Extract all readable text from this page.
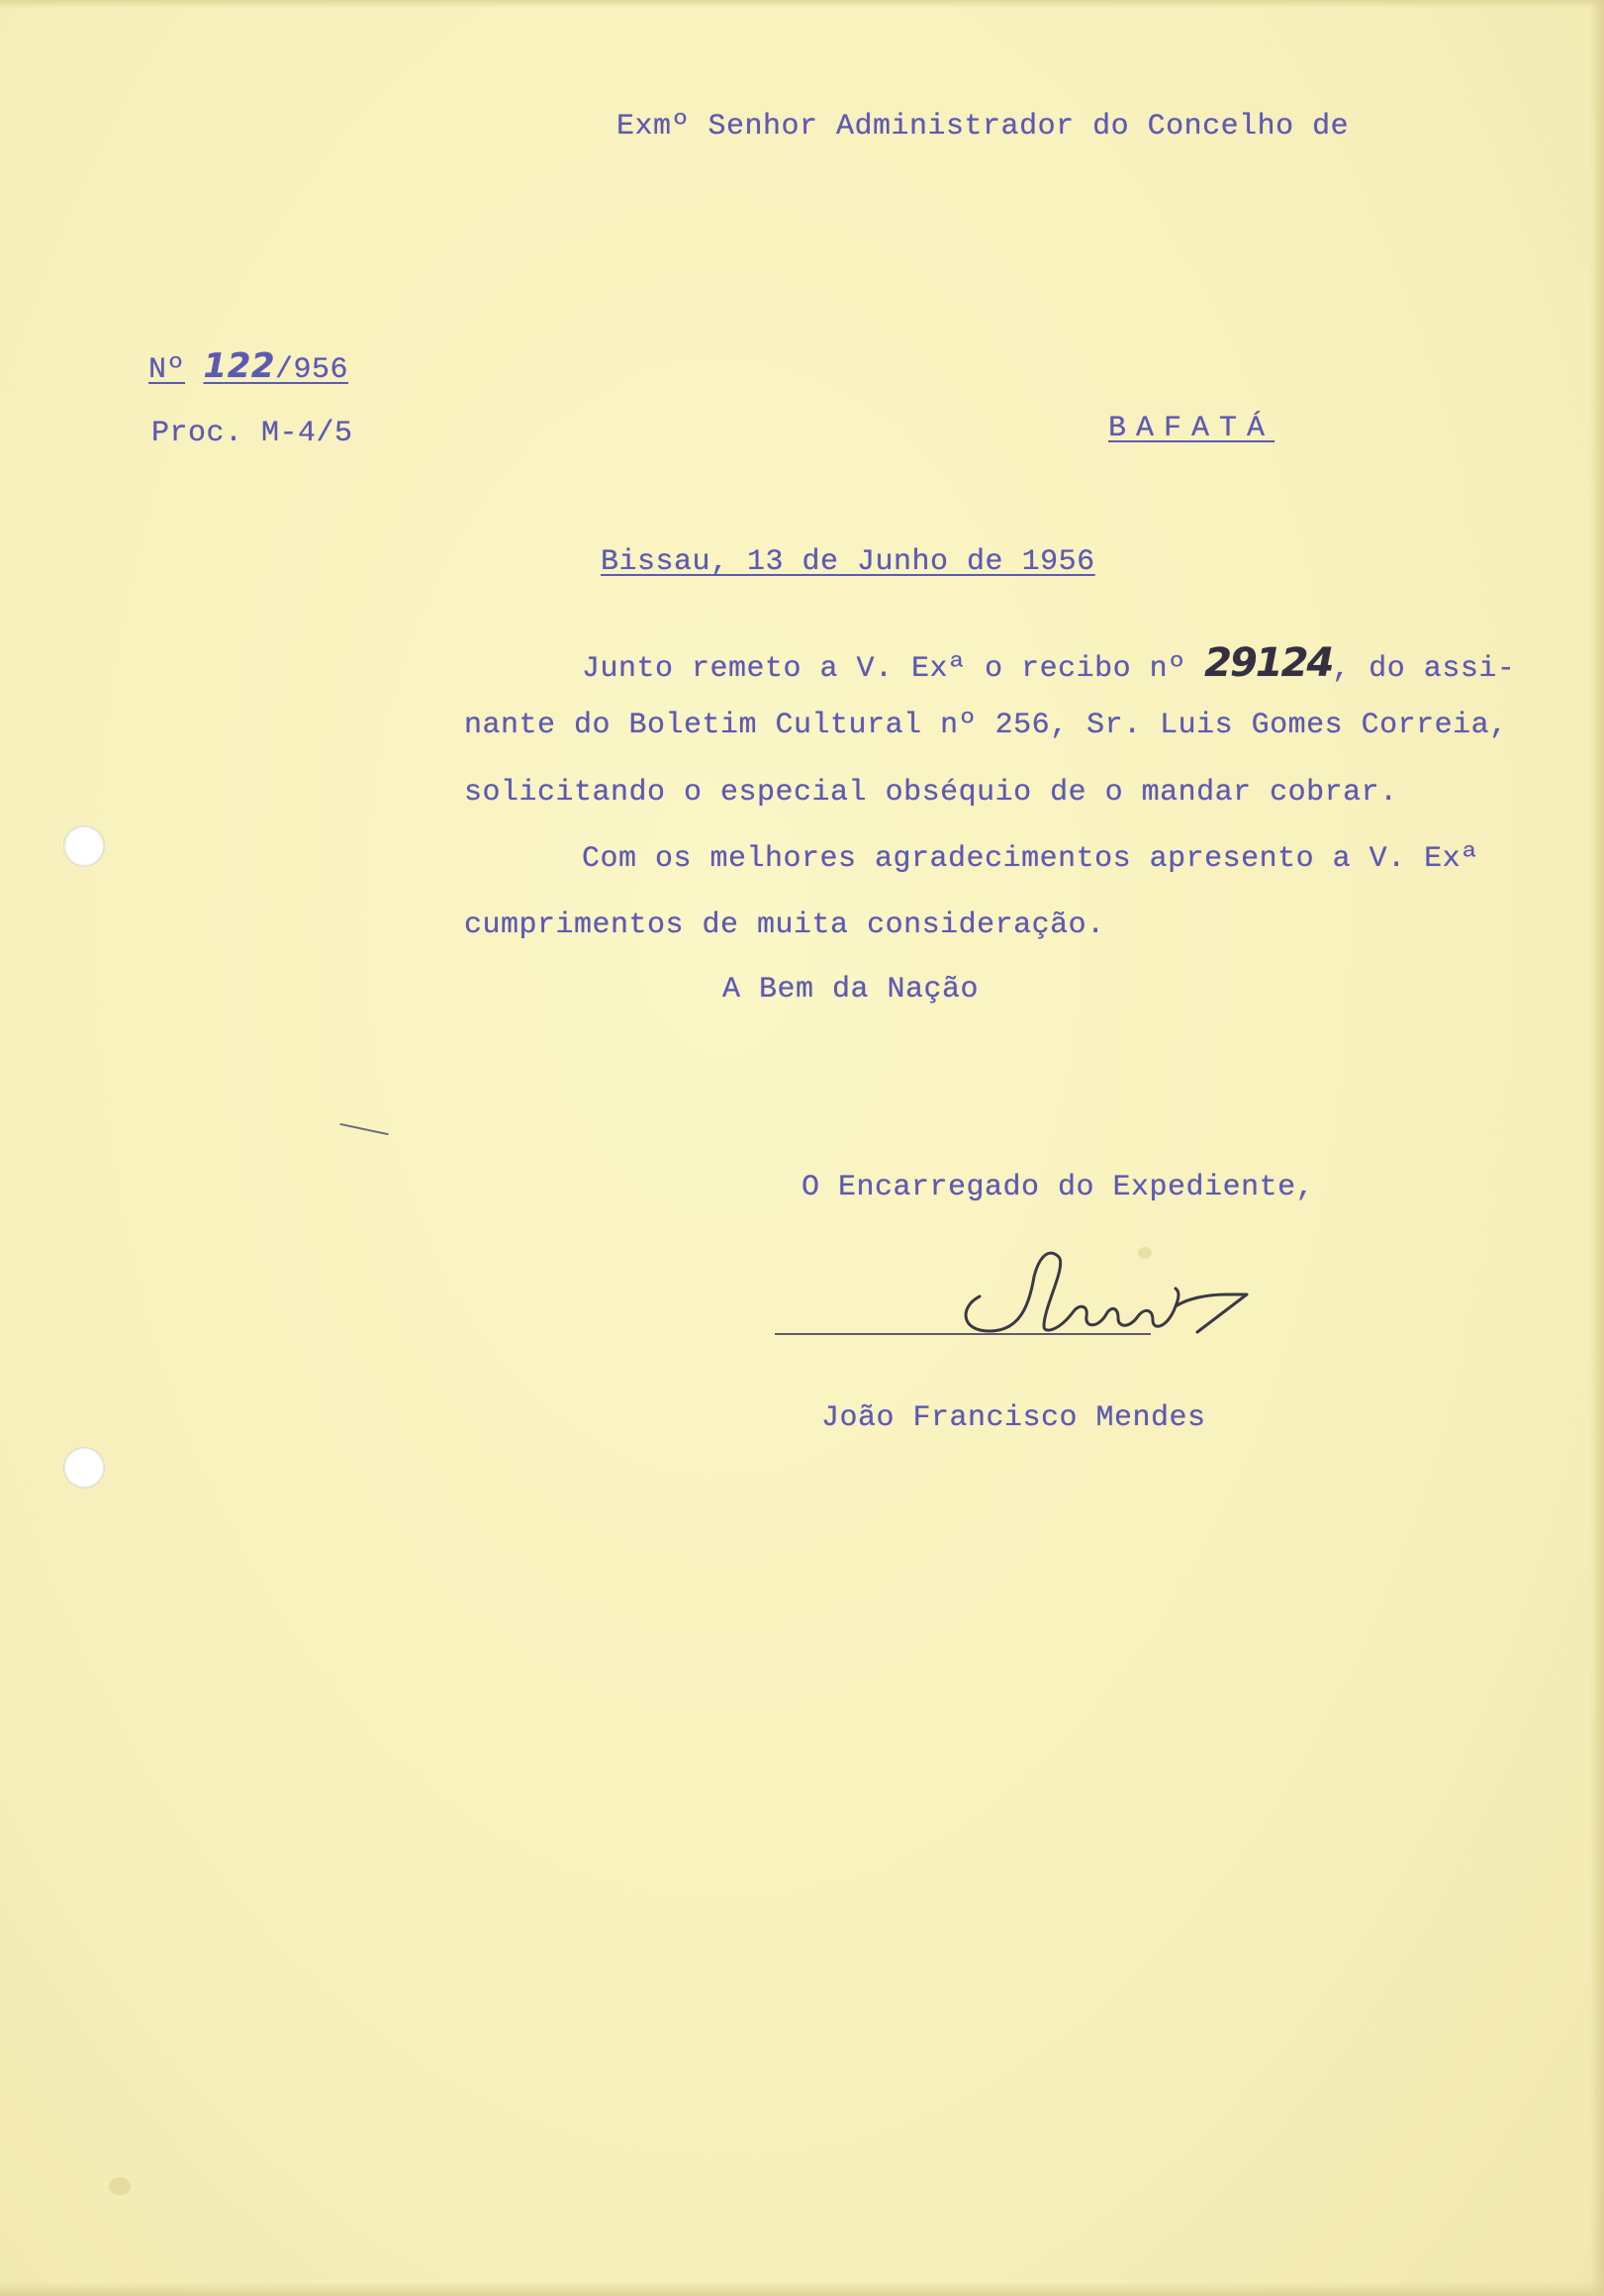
Exmº Senhor Administrador do Concelho de
Nº 122/956
Proc. M-4/5	BAFATÁ
Bissau, 13 de Junho de 1956
Junto remeto a V. Exª o recibo nº 29124, do assi-
nante do Boletim Cultural nº 256, Sr. Luis Gomes Correia,
solicitando o especial obséquio de o mandar cobrar.
Com os melhores agradecimentos apresento a V. Exª
cumprimentos de muita consideração.
A Bem da Nação
O Encarregado do Expediente,
João Francisco Mendes
